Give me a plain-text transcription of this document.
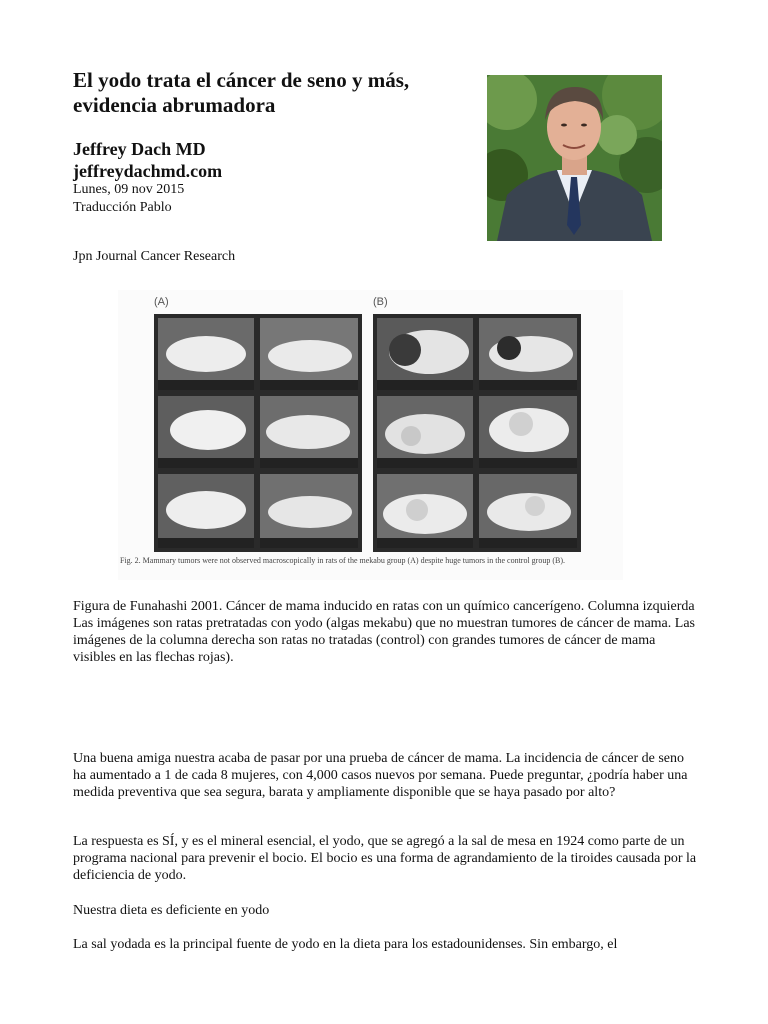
El yodo trata el cáncer de seno y más, evidencia abrumadora
Jeffrey Dach MD
jeffreydachmd.com
Lunes, 09 nov 2015
Traducción Pablo
Jpn Journal Cancer Research
(A)	(B)
Fig. 2. Mammary tumors were not observed macroscopically in rats of the mekabu group (A) despite huge tumors in the control group (B).

Figura de Funahashi 2001. Cáncer de mama inducido en ratas con un químico cancerígeno. Columna izquierda Las imágenes son ratas pretratadas con yodo (algas mekabu) que no muestran tumores de cáncer de mama. Las imágenes de la columna derecha son ratas no tratadas (control) con grandes tumores de cáncer de mama visibles en las flechas rojas).

Una buena amiga nuestra acaba de pasar por una prueba de cáncer de mama. La incidencia de cáncer de seno ha aumentado a 1 de cada 8 mujeres, con 4,000 casos nuevos por semana. Puede preguntar, ¿podría haber una medida preventiva que sea segura, barata y ampliamente disponible que se haya pasado por alto?

La respuesta es SÍ, y es el mineral esencial, el yodo, que se agregó a la sal de mesa en 1924 como parte de un programa nacional para prevenir el bocio. El bocio es una forma de agrandamiento de la tiroides causada por la deficiencia de yodo.

Nuestra dieta es deficiente en yodo

La sal yodada es la principal fuente de yodo en la dieta para los estadounidenses. Sin embargo, el
